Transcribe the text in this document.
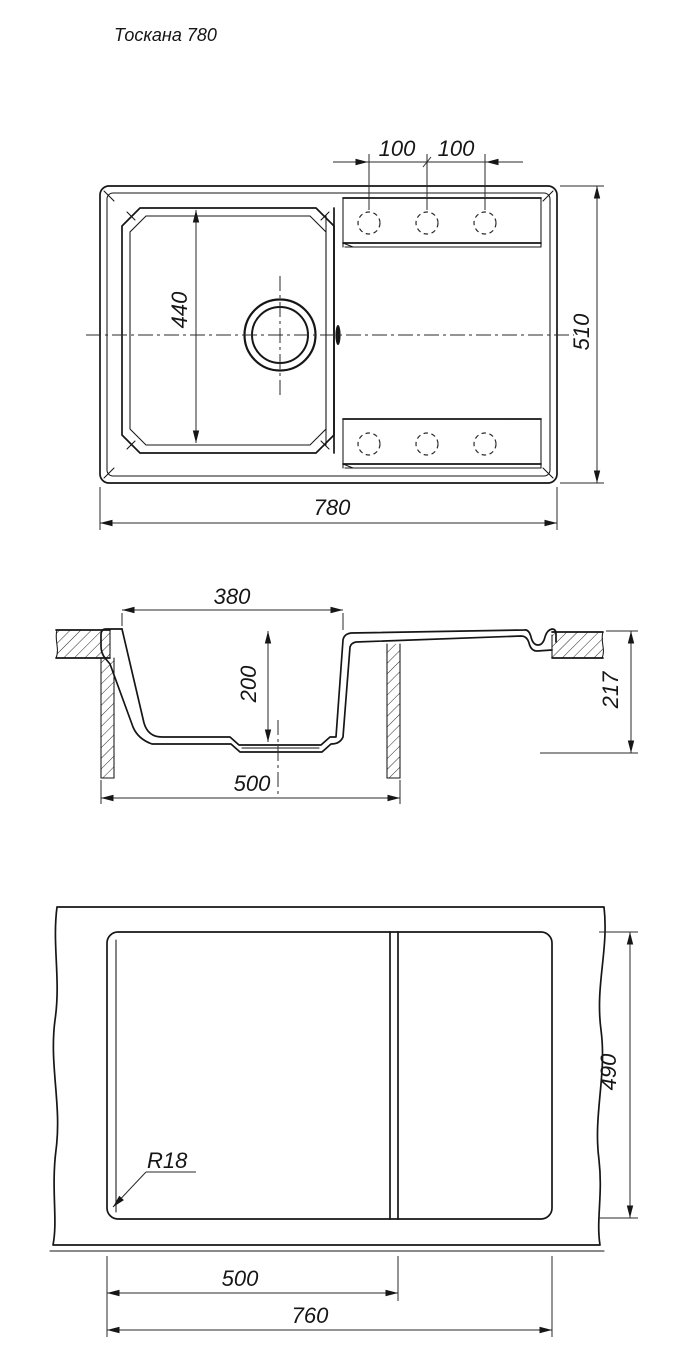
Тоскана 780
100 100
440
510
780
380
200
500
217
R18
490
500
760
